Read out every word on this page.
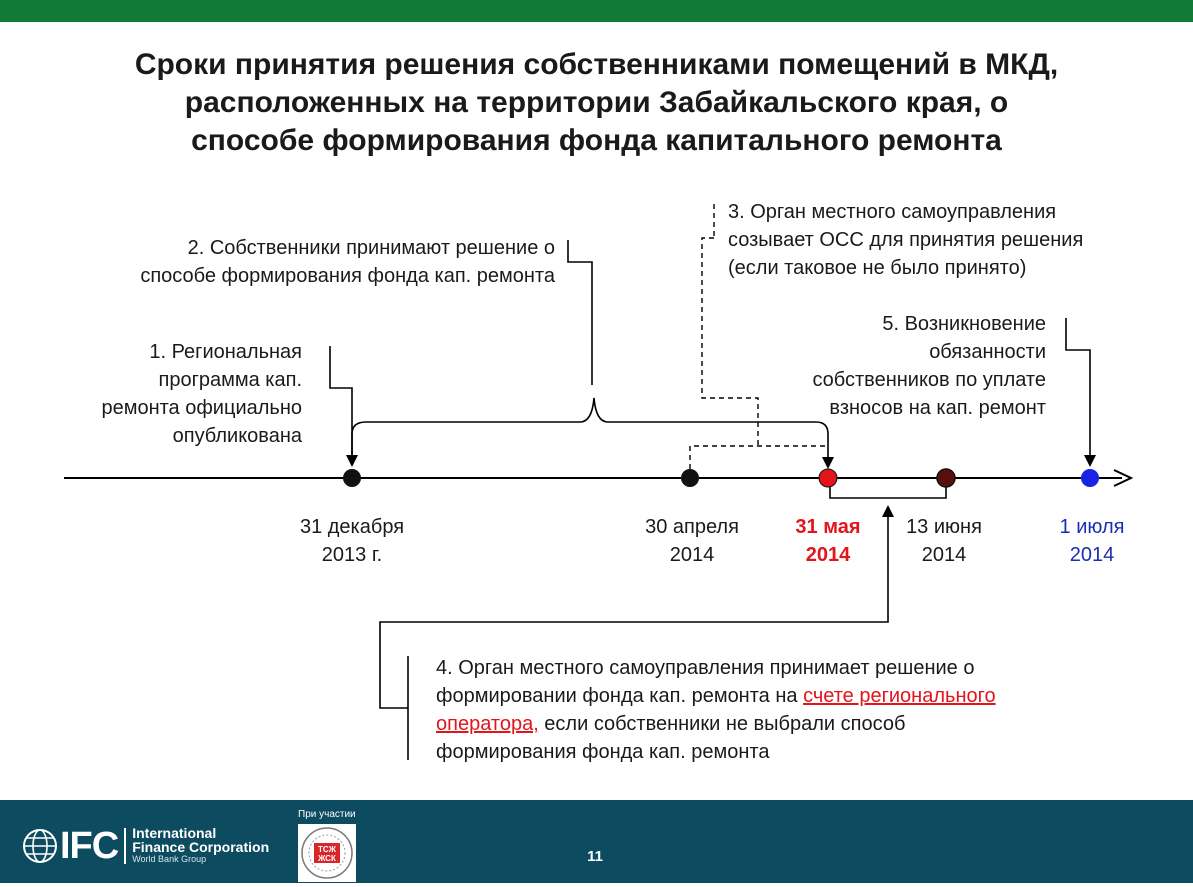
Сроки принятия решения собственниками помещений в МКД,
расположенных на территории Забайкальского края, о
способе формирования фонда капитального ремонта
1. Региональная
программа кап.
ремонта официально
опубликована
2. Собственники принимают решение о
способе формирования фонда кап. ремонта
3. Орган местного самоуправления
созывает ОСС для принятия решения
(если таковое не было принято)
5. Возникновение
обязанности
собственников по уплате
взносов на кап. ремонт
4. Орган местного самоуправления принимает решение о
формировании фонда кап. ремонта на счете регионального
оператора, если собственники не выбрали способ
формирования фонда кап. ремонта
31 декабря
2013 г.
30 апреля
2014
31 мая
2014
13 июня
2014
1 июля
2014
IFC International
Finance Corporation
World Bank Group
При участии
ТСЖ
ЖСК	11
